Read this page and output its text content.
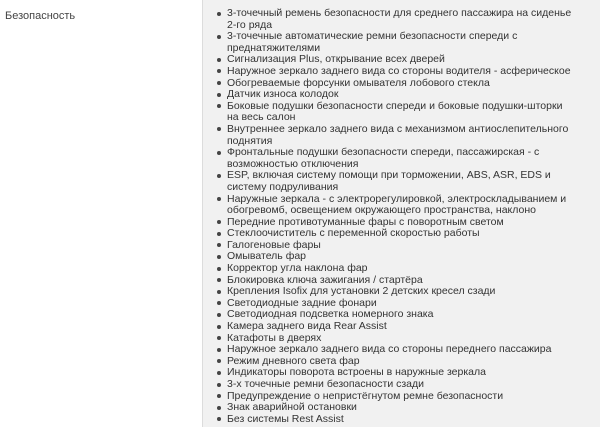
Безопасность	3-точечный ремень безопасности для среднего пассажира на сиденье 2-го ряда
3-точечные автоматические ремни безопасности спереди с преднатяжителями
Сигнализация Plus, открывание всех дверей
Наружное зеркало заднего вида со стороны водителя - асферическое
Обогреваемые форсунки омывателя лобового стекла
Датчик износа колодок
Боковые подушки безопасности спереди и боковые подушки-шторки на весь салон
Внутреннее зеркало заднего вида с механизмом антиослепительного поднятия
Фронтальные подушки безопасности спереди, пассажирская - с возможностью отключения
ESP, включая систему помощи при торможении, ABS, ASR, EDS и систему подруливания
Наружные зеркала - с электрорегулировкой, электроскладыванием и обогревомб, освещением окружающего пространства, наклоно
Передние противотуманные фары с поворотным светом
Стеклоочиститель с переменной скоростью работы
Галогеновые фары
Омыватель фар
Корректор угла наклона фар
Блокировка ключа зажигания / стартёра
Крепления Isofix для установки 2 детских кресел сзади
Светодиодные задние фонари
Светодиодная подсветка номерного знака
Камера заднего вида Rear Assist
Катафоты в дверях
Наружное зеркало заднего вида со стороны переднего пассажира
Режим дневного света фар
Индикаторы поворота встроены в наружные зеркала
3-х точечные ремни безопасности сзади
Предупреждение о непристёгнутом ремне безопасности
Знак аварийной остановки
Без системы Rest Assist
